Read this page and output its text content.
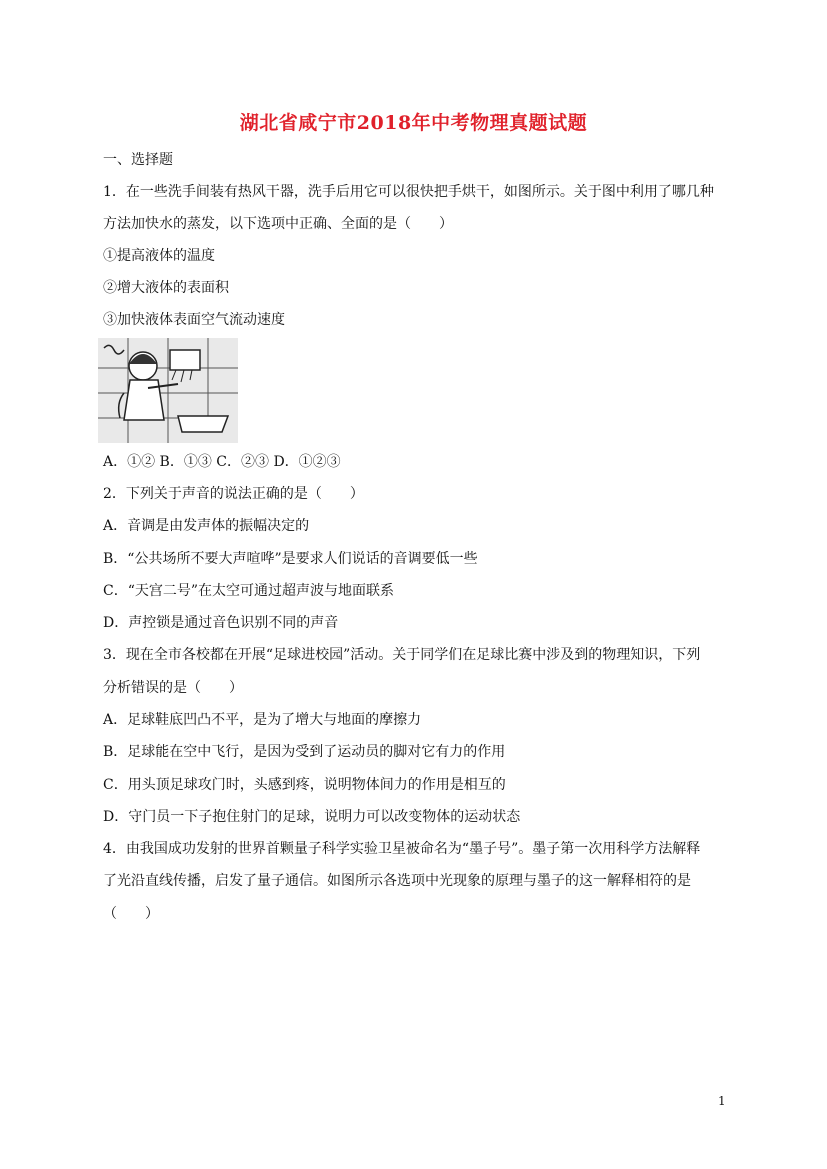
湖北省咸宁市2018年中考物理真题试题
一、选择题
1．在一些洗手间装有热风干器，洗手后用它可以很快把手烘干，如图所示。关于图中利用了哪几种
方法加快水的蒸发，以下选项中正确、全面的是（　　）
①提高液体的温度
②增大液体的表面积
③加快液体表面空气流动速度
A．①② B．①③ C．②③ D．①②③
2．下列关于声音的说法正确的是（　　）
A．音调是由发声体的振幅决定的
B．“公共场所不要大声喧哗”是要求人们说话的音调要低一些
C．“天宫二号”在太空可通过超声波与地面联系
D．声控锁是通过音色识别不同的声音
3．现在全市各校都在开展“足球进校园”活动。关于同学们在足球比赛中涉及到的物理知识，下列
分析错误的是（　　）
A．足球鞋底凹凸不平，是为了增大与地面的摩擦力
B．足球能在空中飞行，是因为受到了运动员的脚对它有力的作用
C．用头顶足球攻门时，头感到疼，说明物体间力的作用是相互的
D．守门员一下子抱住射门的足球，说明力可以改变物体的运动状态
4．由我国成功发射的世界首颗量子科学实验卫星被命名为“墨子号”。墨子第一次用科学方法解释
了光沿直线传播，启发了量子通信。如图所示各选项中光现象的原理与墨子的这一解释相符的是
（　　）
1
